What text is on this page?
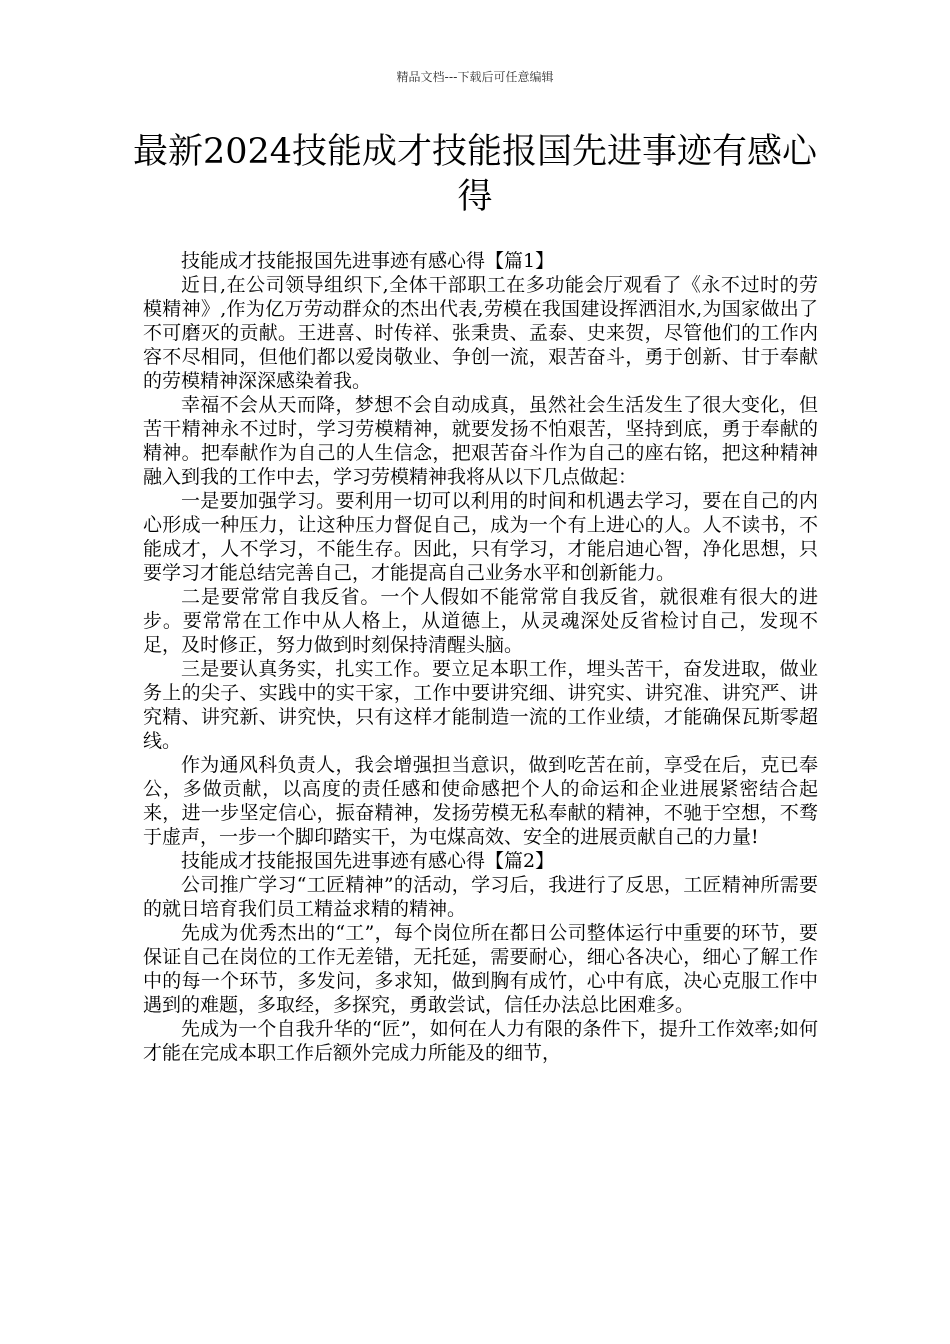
精品文档---下载后可任意编辑
最新2024技能成才技能报国先进事迹有感心得

技能成才技能报国先进事迹有感心得【篇1】

近日,在公司领导组织下,全体干部职工在多功能会厅观看了《永不过时的劳模精神》,作为亿万劳动群众的杰出代表,劳模在我国建设挥洒泪水,为国家做出了不可磨灭的贡献。王进喜、时传祥、张秉贵、孟泰、史来贺，尽管他们的工作内容不尽相同，但他们都以爱岗敬业、争创一流，艰苦奋斗，勇于创新、甘于奉献的劳模精神深深感染着我。

幸福不会从天而降，梦想不会自动成真，虽然社会生活发生了很大变化，但苦干精神永不过时，学习劳模精神，就要发扬不怕艰苦，坚持到底，勇于奉献的精神。把奉献作为自己的人生信念，把艰苦奋斗作为自己的座右铭，把这种精神融入到我的工作中去，学习劳模精神我将从以下几点做起：

一是要加强学习。要利用一切可以利用的时间和机遇去学习，要在自己的内心形成一种压力，让这种压力督促自己，成为一个有上进心的人。人不读书，不能成才，人不学习，不能生存。因此，只有学习，才能启迪心智，净化思想，只要学习才能总结完善自己，才能提高自己业务水平和创新能力。

二是要常常自我反省。一个人假如不能常常自我反省，就很难有很大的进步。要常常在工作中从人格上，从道德上，从灵魂深处反省检讨自己，发现不足，及时修正，努力做到时刻保持清醒头脑。

三是要认真务实，扎实工作。要立足本职工作，埋头苦干，奋发进取，做业务上的尖子、实践中的实干家，工作中要讲究细、讲究实、讲究准、讲究严、讲究精、讲究新、讲究快，只有这样才能制造一流的工作业绩，才能确保瓦斯零超线。

作为通风科负责人，我会增强担当意识，做到吃苦在前，享受在后，克已奉公，多做贡献，以高度的责任感和使命感把个人的命运和企业进展紧密结合起来，进一步坚定信心，振奋精神，发扬劳模无私奉献的精神，不驰于空想，不骛于虚声，一步一个脚印踏实干，为屯煤高效、安全的进展贡献自己的力量!

技能成才技能报国先进事迹有感心得【篇2】

公司推广学习“工匠精神”的活动，学习后，我进行了反思，工匠精神所需要的就日培育我们员工精益求精的精神。

先成为优秀杰出的“工”，每个岗位所在都日公司整体运行中重要的环节，要保证自己在岗位的工作无差错，无托延，需要耐心，细心各决心，细心了解工作中的每一个环节，多发问，多求知，做到胸有成竹，心中有底，决心克服工作中遇到的难题，多取经，多探究，勇敢尝试，信任办法总比困难多。

先成为一个自我升华的“匠”，如何在人力有限的条件下，提升工作效率;如何才能在完成本职工作后额外完成力所能及的细节，
